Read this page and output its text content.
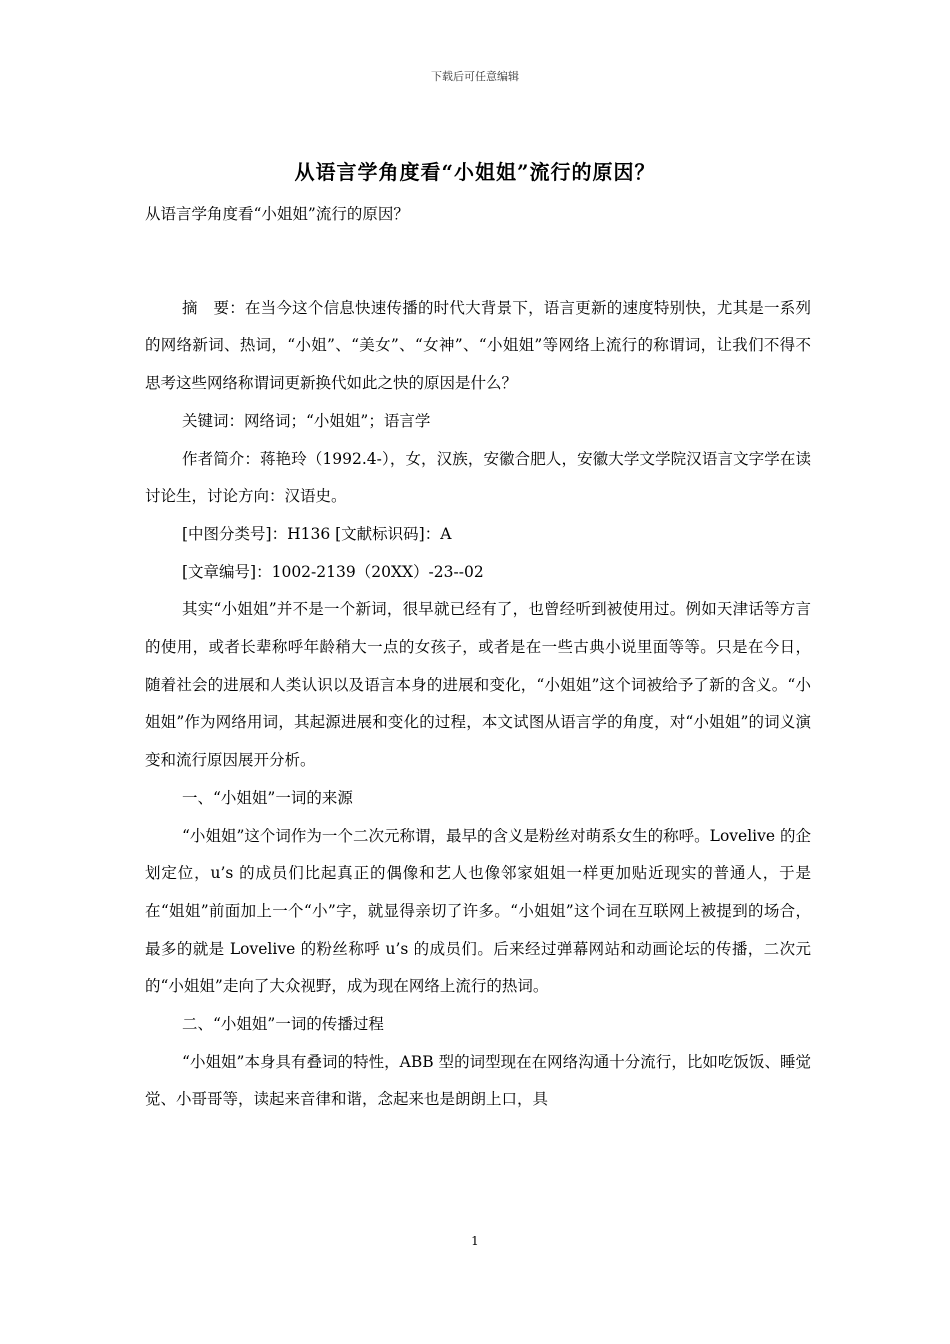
下载后可任意编辑
从语言学角度看“小姐姐”流行的原因？

从语言学角度看“小姐姐”流行的原因？

摘　要：在当今这个信息快速传播的时代大背景下，语言更新的速度特别快，尤其是一系列的网络新词、热词，“小姐”、“美女”、“女神”、“小姐姐”等网络上流行的称谓词，让我们不得不思考这些网络称谓词更新换代如此之快的原因是什么？

关键词：网络词；“小姐姐”；语言学

作者简介：蒋艳玲（1992.4-），女，汉族，安徽合肥人，安徽大学文学院汉语言文字学在读讨论生，讨论方向：汉语史。

[中图分类号]：H136 [文献标识码]：A

[文章编号]：1002-2139（20XX）-23--02

其实“小姐姐”并不是一个新词，很早就已经有了，也曾经听到被使用过。例如天津话等方言的使用，或者长辈称呼年龄稍大一点的女孩子，或者是在一些古典小说里面等等。只是在今日，随着社会的进展和人类认识以及语言本身的进展和变化，“小姐姐”这个词被给予了新的含义。“小姐姐”作为网络用词，其起源进展和变化的过程，本文试图从语言学的角度，对“小姐姐”的词义演变和流行原因展开分析。

一、“小姐姐”一词的来源

“小姐姐”这个词作为一个二次元称谓，最早的含义是粉丝对萌系女生的称呼。Lovelive 的企划定位，u’s 的成员们比起真正的偶像和艺人也像邻家姐姐一样更加贴近现实的普通人，于是在“姐姐”前面加上一个“小”字，就显得亲切了许多。“小姐姐”这个词在互联网上被提到的场合，最多的就是 Lovelive 的粉丝称呼 u’s 的成员们。后来经过弹幕网站和动画论坛的传播，二次元的“小姐姐”走向了大众视野，成为现在网络上流行的热词。

二、“小姐姐”一词的传播过程

“小姐姐”本身具有叠词的特性，ABB 型的词型现在在网络沟通十分流行，比如吃饭饭、睡觉觉、小哥哥等，读起来音律和谐，念起来也是朗朗上口，具

1
